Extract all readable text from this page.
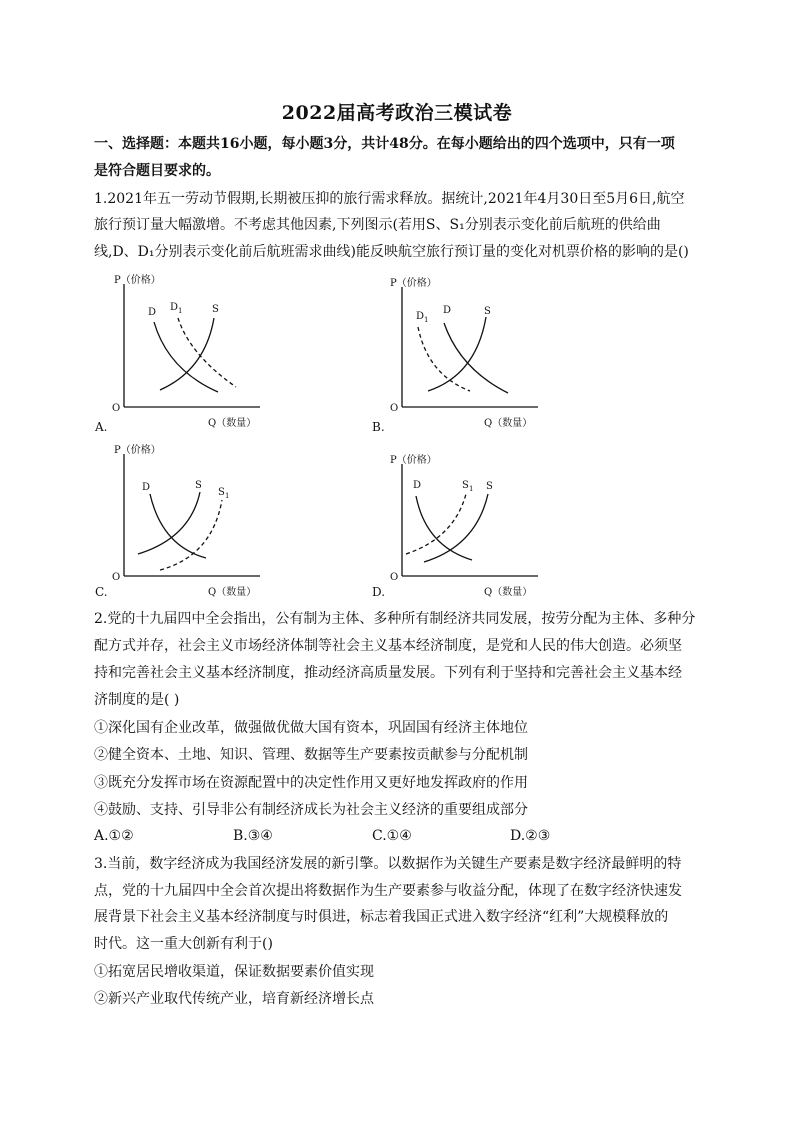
2022届高考政治三模试卷
一、选择题：本题共16小题，每小题3分，共计48分。在每小题给出的四个选项中，只有一项
是符合题目要求的。
1.2021年五一劳动节假期,长期被压抑的旅行需求释放。据统计,2021年4月30日至5月6日,航空
旅行预订量大幅激增。不考虑其他因素,下列图示(若用S、S₁分别表示变化前后航班的供给曲
线,D、D₁分别表示变化前后航班需求曲线)能反映航空旅行预订量的变化对机票价格的影响的是()
P（价格）
Q（数量）
O
D D 1	S
A.
P（价格）
Q（数量）
O
D 1
D	S
B.
P（价格）
Q（数量）
O
D	S
S 1
C.
P（价格）
Q（数量）
O
D	S 1 S
D.
2.党的十九届四中全会指出，公有制为主体、多种所有制经济共同发展，按劳分配为主体、多种分
配方式并存，社会主义市场经济体制等社会主义基本经济制度，是党和人民的伟大创造。必须坚
持和完善社会主义基本经济制度，推动经济高质量发展。下列有利于坚持和完善社会主义基本经
济制度的是( )
①深化国有企业改革，做强做优做大国有资本，巩固国有经济主体地位
②健全资本、土地、知识、管理、数据等生产要素按贡献参与分配机制
③既充分发挥市场在资源配置中的决定性作用又更好地发挥政府的作用
④鼓励、支持、引导非公有制经济成长为社会主义经济的重要组成部分
A.①②	B.③④	C.①④	D.②③
3.当前，数字经济成为我国经济发展的新引擎。以数据作为关键生产要素是数字经济最鲜明的特
点，党的十九届四中全会首次提出将数据作为生产要素参与收益分配，体现了在数字经济快速发
展背景下社会主义基本经济制度与时俱进，标志着我国正式进入数字经济“红利”大规模释放的
时代。这一重大创新有利于()
①拓宽居民增收渠道，保证数据要素价值实现
②新兴产业取代传统产业，培育新经济增长点
